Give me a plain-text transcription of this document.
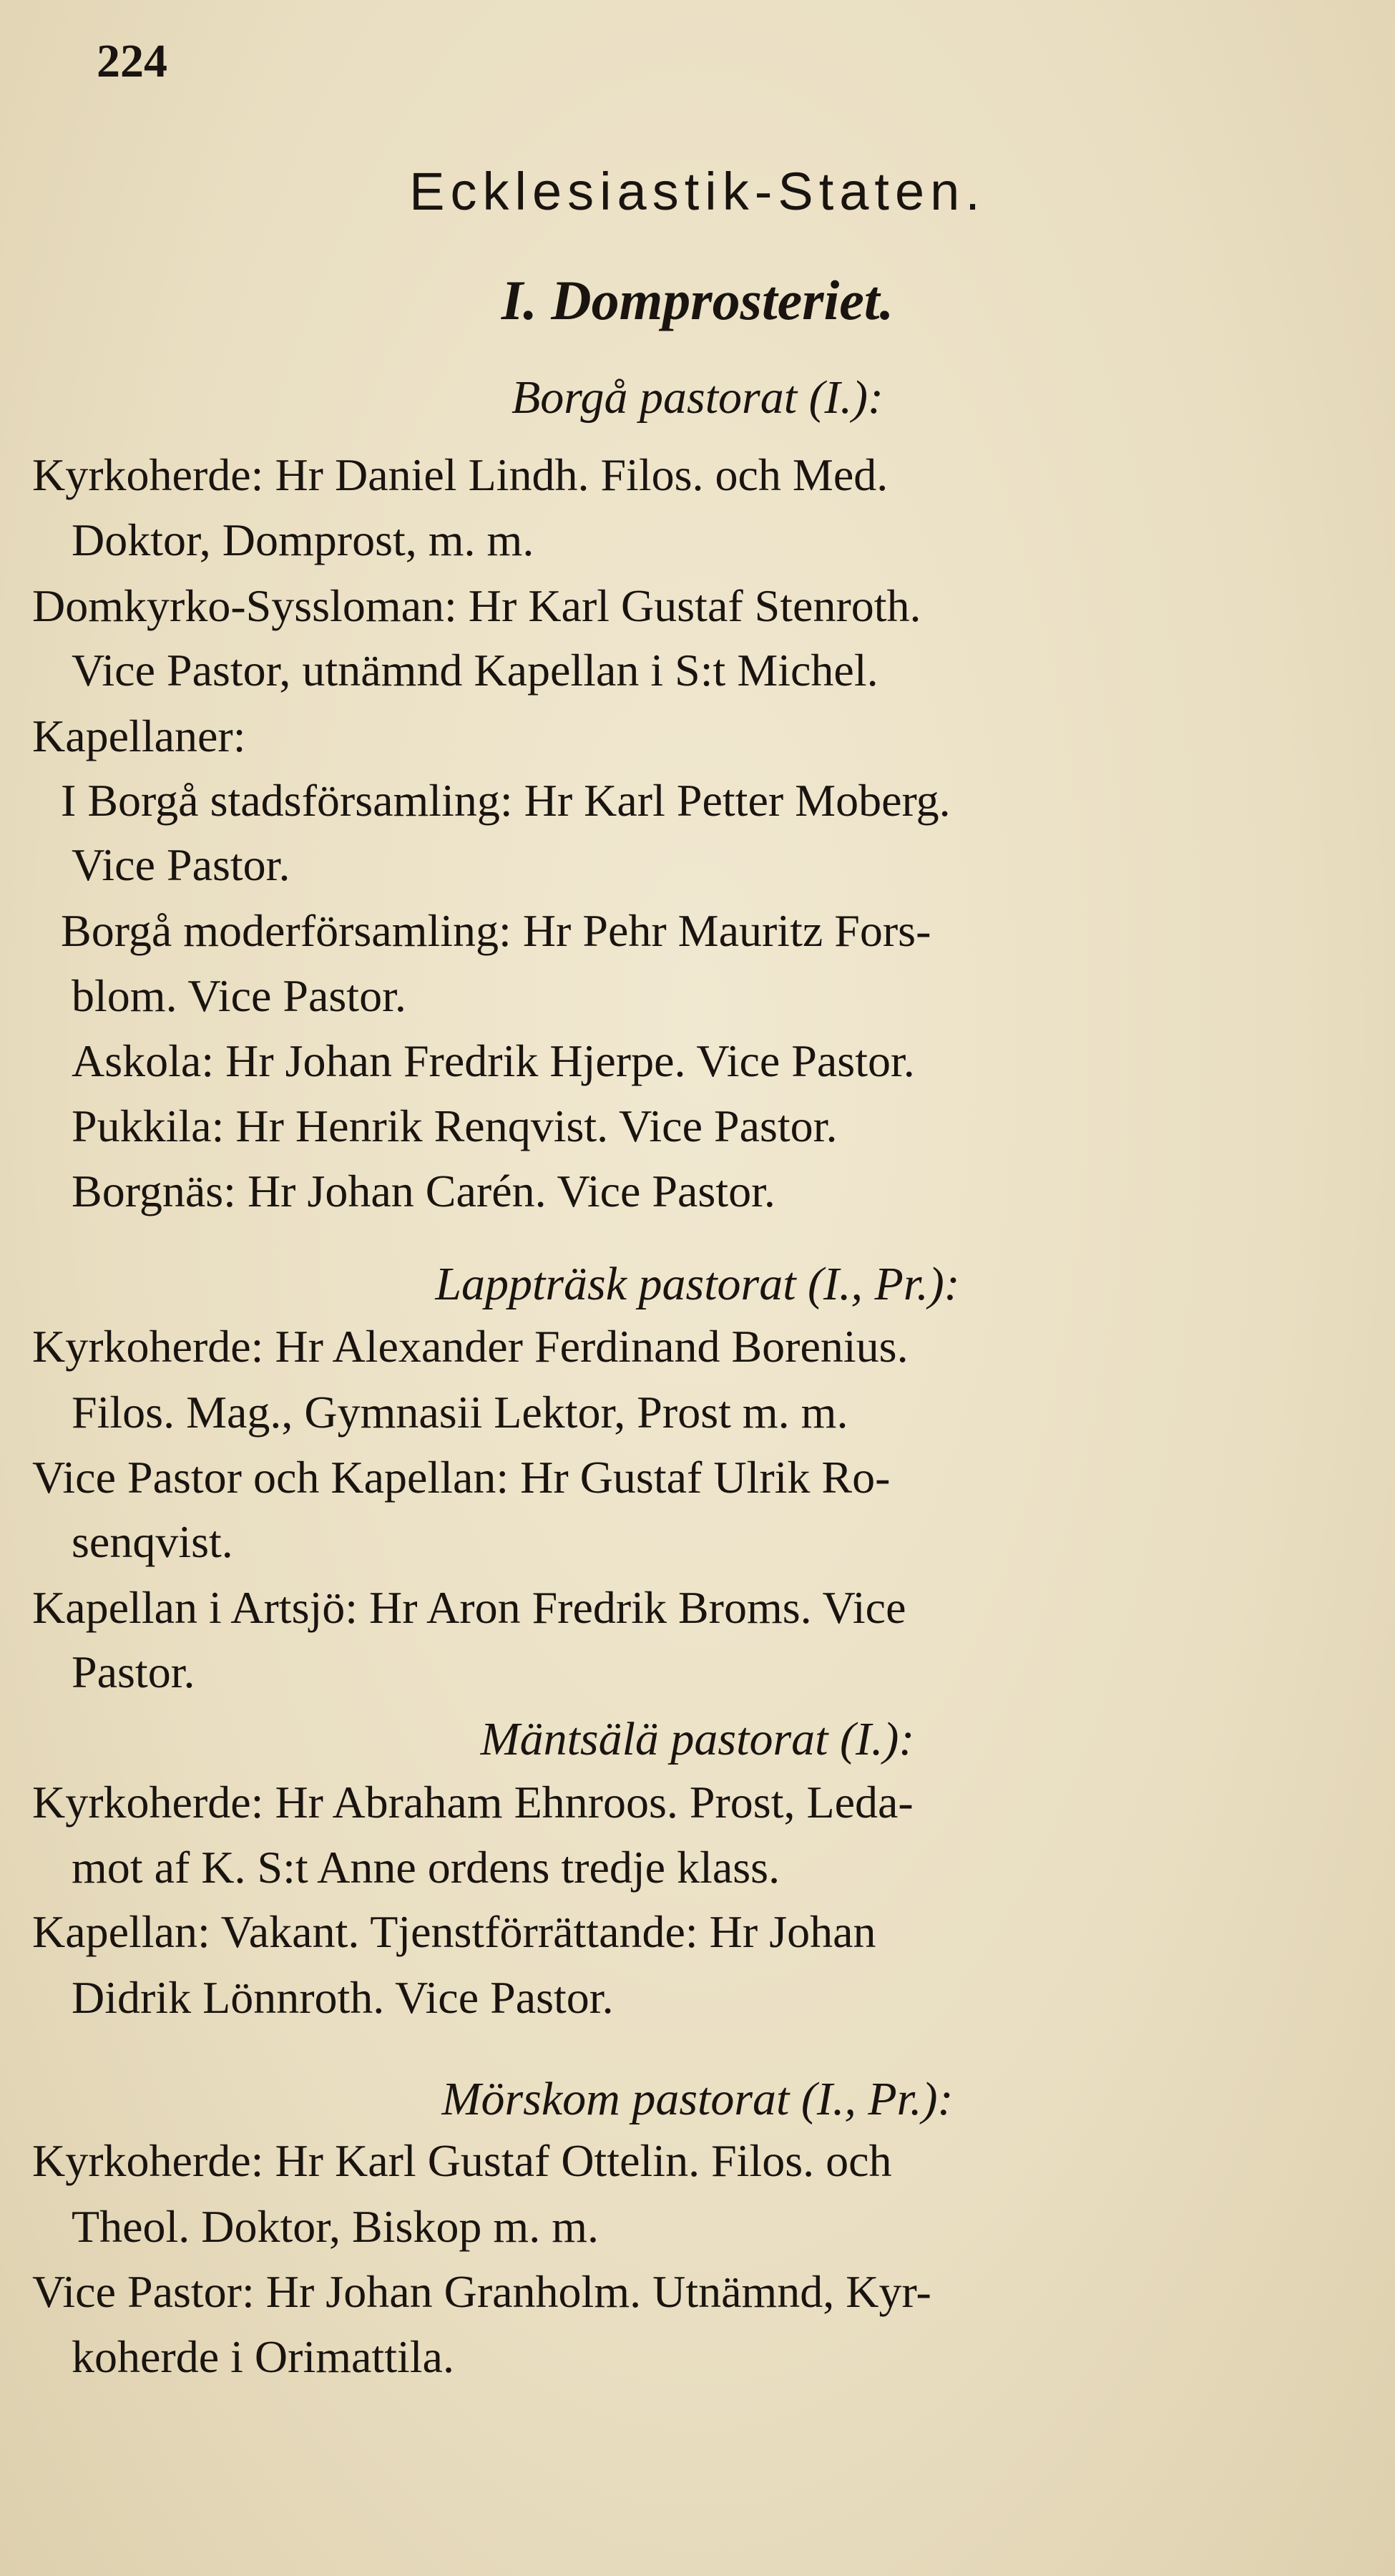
224
Ecklesiastik-Staten.
I. Domprosteriet.
Borgå pastorat (I.):
Kyrkoherde: Hr Daniel Lindh. Filos. och Med.
Doktor, Domprost, m. m.
Domkyrko-Syssloman: Hr Karl Gustaf Stenroth.
Vice Pastor, utnämnd Kapellan i S:t Michel.
Kapellaner:
I Borgå stadsförsamling: Hr Karl Petter Moberg.
Vice Pastor.
Borgå moderförsamling: Hr Pehr Mauritz Fors-
blom. Vice Pastor.
Askola: Hr Johan Fredrik Hjerpe. Vice Pastor.
Pukkila: Hr Henrik Renqvist. Vice Pastor.
Borgnäs: Hr Johan Carén. Vice Pastor.
Lappträsk pastorat (I., Pr.):
Kyrkoherde: Hr Alexander Ferdinand Borenius.
Filos. Mag., Gymnasii Lektor, Prost m. m.
Vice Pastor och Kapellan: Hr Gustaf Ulrik Ro-
senqvist.
Kapellan i Artsjö: Hr Aron Fredrik Broms. Vice
Pastor.
Mäntsälä pastorat (I.):
Kyrkoherde: Hr Abraham Ehnroos. Prost, Leda-
mot af K. S:t Anne ordens tredje klass.
Kapellan: Vakant. Tjenstförrättande: Hr Johan
Didrik Lönnroth. Vice Pastor.
Mörskom pastorat (I., Pr.):
Kyrkoherde: Hr Karl Gustaf Ottelin. Filos. och
Theol. Doktor, Biskop m. m.
Vice Pastor: Hr Johan Granholm. Utnämnd, Kyr-
koherde i Orimattila.
